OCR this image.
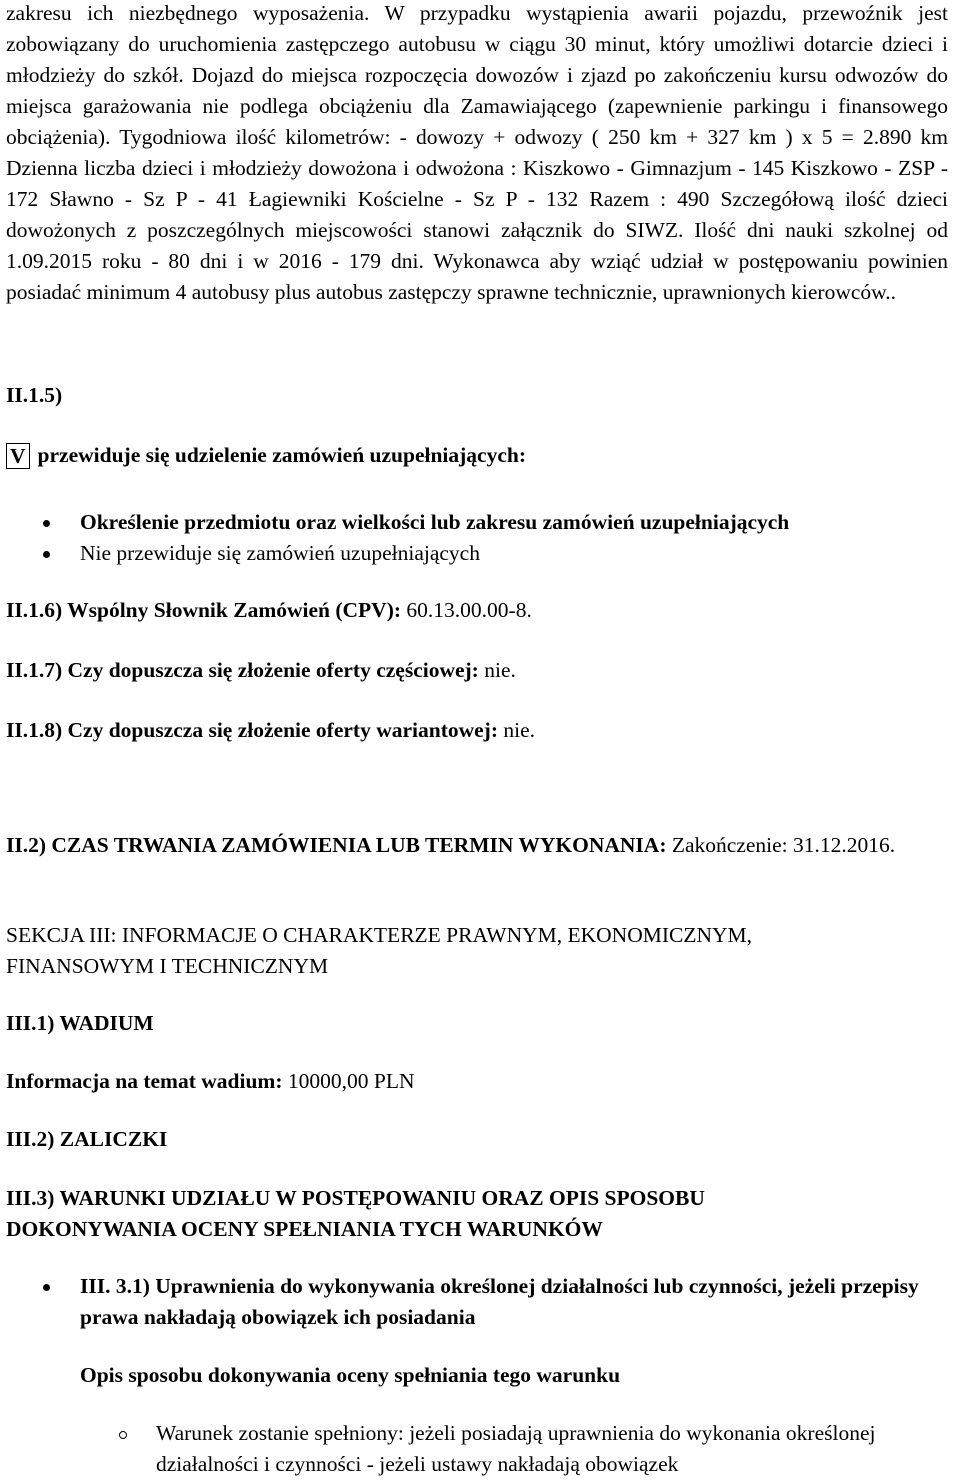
zakresu ich niezbędnego wyposażenia. W przypadku wystąpienia awarii pojazdu, przewoźnik jest zobowiązany do uruchomienia zastępczego autobusu w ciągu 30 minut, który umożliwi dotarcie dzieci i młodzieży do szkół. Dojazd do miejsca rozpoczęcia dowozów i zjazd po zakończeniu kursu odwozów do miejsca garażowania nie podlega obciążeniu dla Zamawiającego (zapewnienie parkingu i finansowego obciążenia). Tygodniowa ilość kilometrów: - dowozy + odwozy ( 250 km + 327 km ) x 5 = 2.890 km Dzienna liczba dzieci i młodzieży dowożona i odwożona : Kiszkowo - Gimnazjum - 145 Kiszkowo - ZSP - 172 Sławno - Sz P - 41 Łagiewniki Kościelne - Sz P - 132 Razem : 490 Szczegółową ilość dzieci dowożonych z poszczególnych miejscowości stanowi załącznik do SIWZ. Ilość dni nauki szkolnej od 1.09.2015 roku - 80 dni i w 2016 - 179 dni. Wykonawca aby wziąć udział w postępowaniu powinien posiadać minimum 4 autobusy plus autobus zastępczy sprawne technicznie, uprawnionych kierowców..

II.1.5)

V przewiduje się udzielenie zamówień uzupełniających:
Określenie przedmiotu oraz wielkości lub zakresu zamówień uzupełniających
Nie przewiduje się zamówień uzupełniających

II.1.6) Wspólny Słownik Zamówień (CPV): 60.13.00.00-8.

II.1.7) Czy dopuszcza się złożenie oferty częściowej: nie.

II.1.8) Czy dopuszcza się złożenie oferty wariantowej: nie.

II.2) CZAS TRWANIA ZAMÓWIENIA LUB TERMIN WYKONANIA: Zakończenie: 31.12.2016.

SEKCJA III: INFORMACJE O CHARAKTERZE PRAWNYM, EKONOMICZNYM, FINANSOWYM I TECHNICZNYM

III.1) WADIUM

Informacja na temat wadium: 10000,00 PLN

III.2) ZALICZKI

III.3) WARUNKI UDZIAŁU W POSTĘPOWANIU ORAZ OPIS SPOSOBU DOKONYWANIA OCENY SPEŁNIANIA TYCH WARUNKÓW

III. 3.1) Uprawnienia do wykonywania określonej działalności lub czynności, jeżeli przepisy prawa nakładają obowiązek ich posiadania

Opis sposobu dokonywania oceny spełniania tego warunku

Warunek zostanie spełniony: jeżeli posiadają uprawnienia do wykonania określonej działalności i czynności - jeżeli ustawy nakładają obowiązek
